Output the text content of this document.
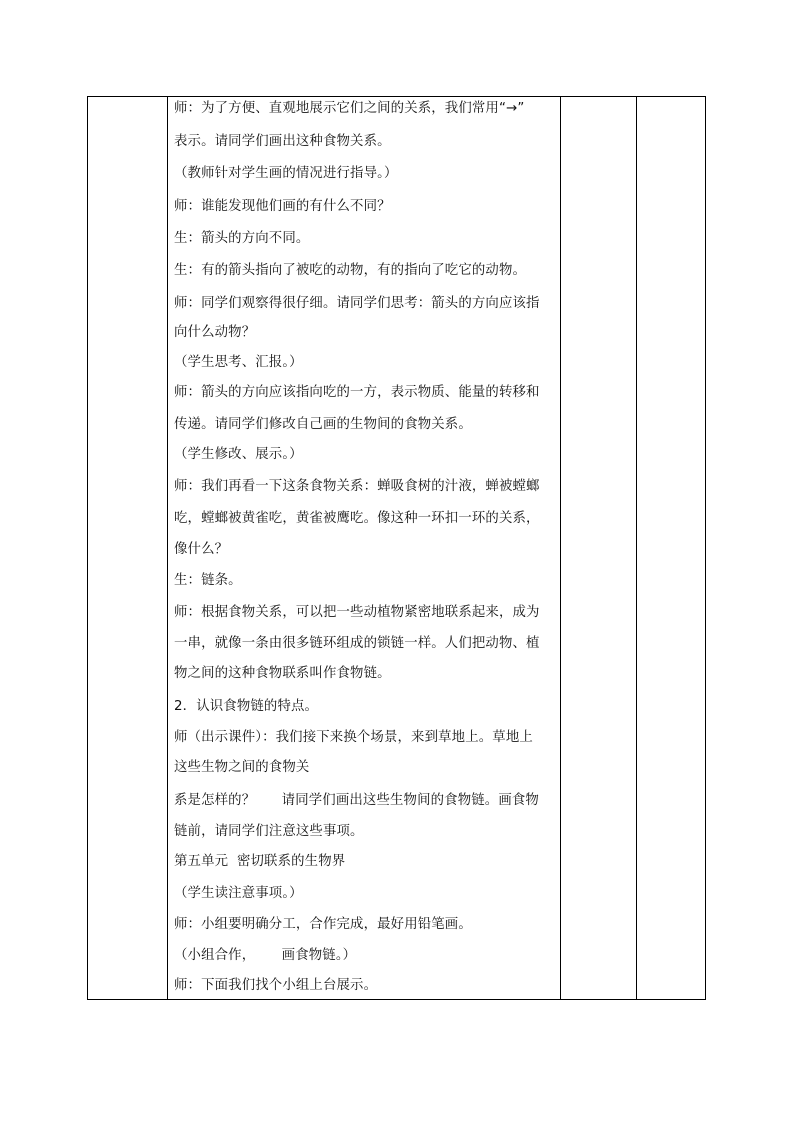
师：为了方便、直观地展示它们之间的关系，我们常用“→”
表示。请同学们画出这种食物关系。
（教师针对学生画的情况进行指导。）
师：谁能发现他们画的有什么不同？
生：箭头的方向不同。
生：有的箭头指向了被吃的动物，有的指向了吃它的动物。
师：同学们观察得很仔细。请同学们思考：箭头的方向应该指
向什么动物？
（学生思考、汇报。）
师：箭头的方向应该指向吃的一方，表示物质、能量的转移和
传递。请同学们修改自己画的生物间的食物关系。
（学生修改、展示。）
师：我们再看一下这条食物关系：蝉吸食树的汁液，蝉被螳螂
吃，螳螂被黄雀吃，黄雀被鹰吃。像这种一环扣一环的关系，
像什么？
生：链条。
师：根据食物关系，可以把一些动植物紧密地联系起来，成为
一串，就像一条由很多链环组成的锁链一样。人们把动物、植
物之间的这种食物联系叫作食物链。
2．认识食物链的特点。
师（出示课件）：我们接下来换个场景，来到草地上。草地上
这些生物之间的食物关
系是怎样的？      请同学们画出这些生物间的食物链。画食物
链前，请同学们注意这些事项。
第五单元  密切联系的生物界
（学生读注意事项。）
师：小组要明确分工，合作完成，最好用铅笔画。
（小组合作，      画食物链。）
师：下面我们找个小组上台展示。
